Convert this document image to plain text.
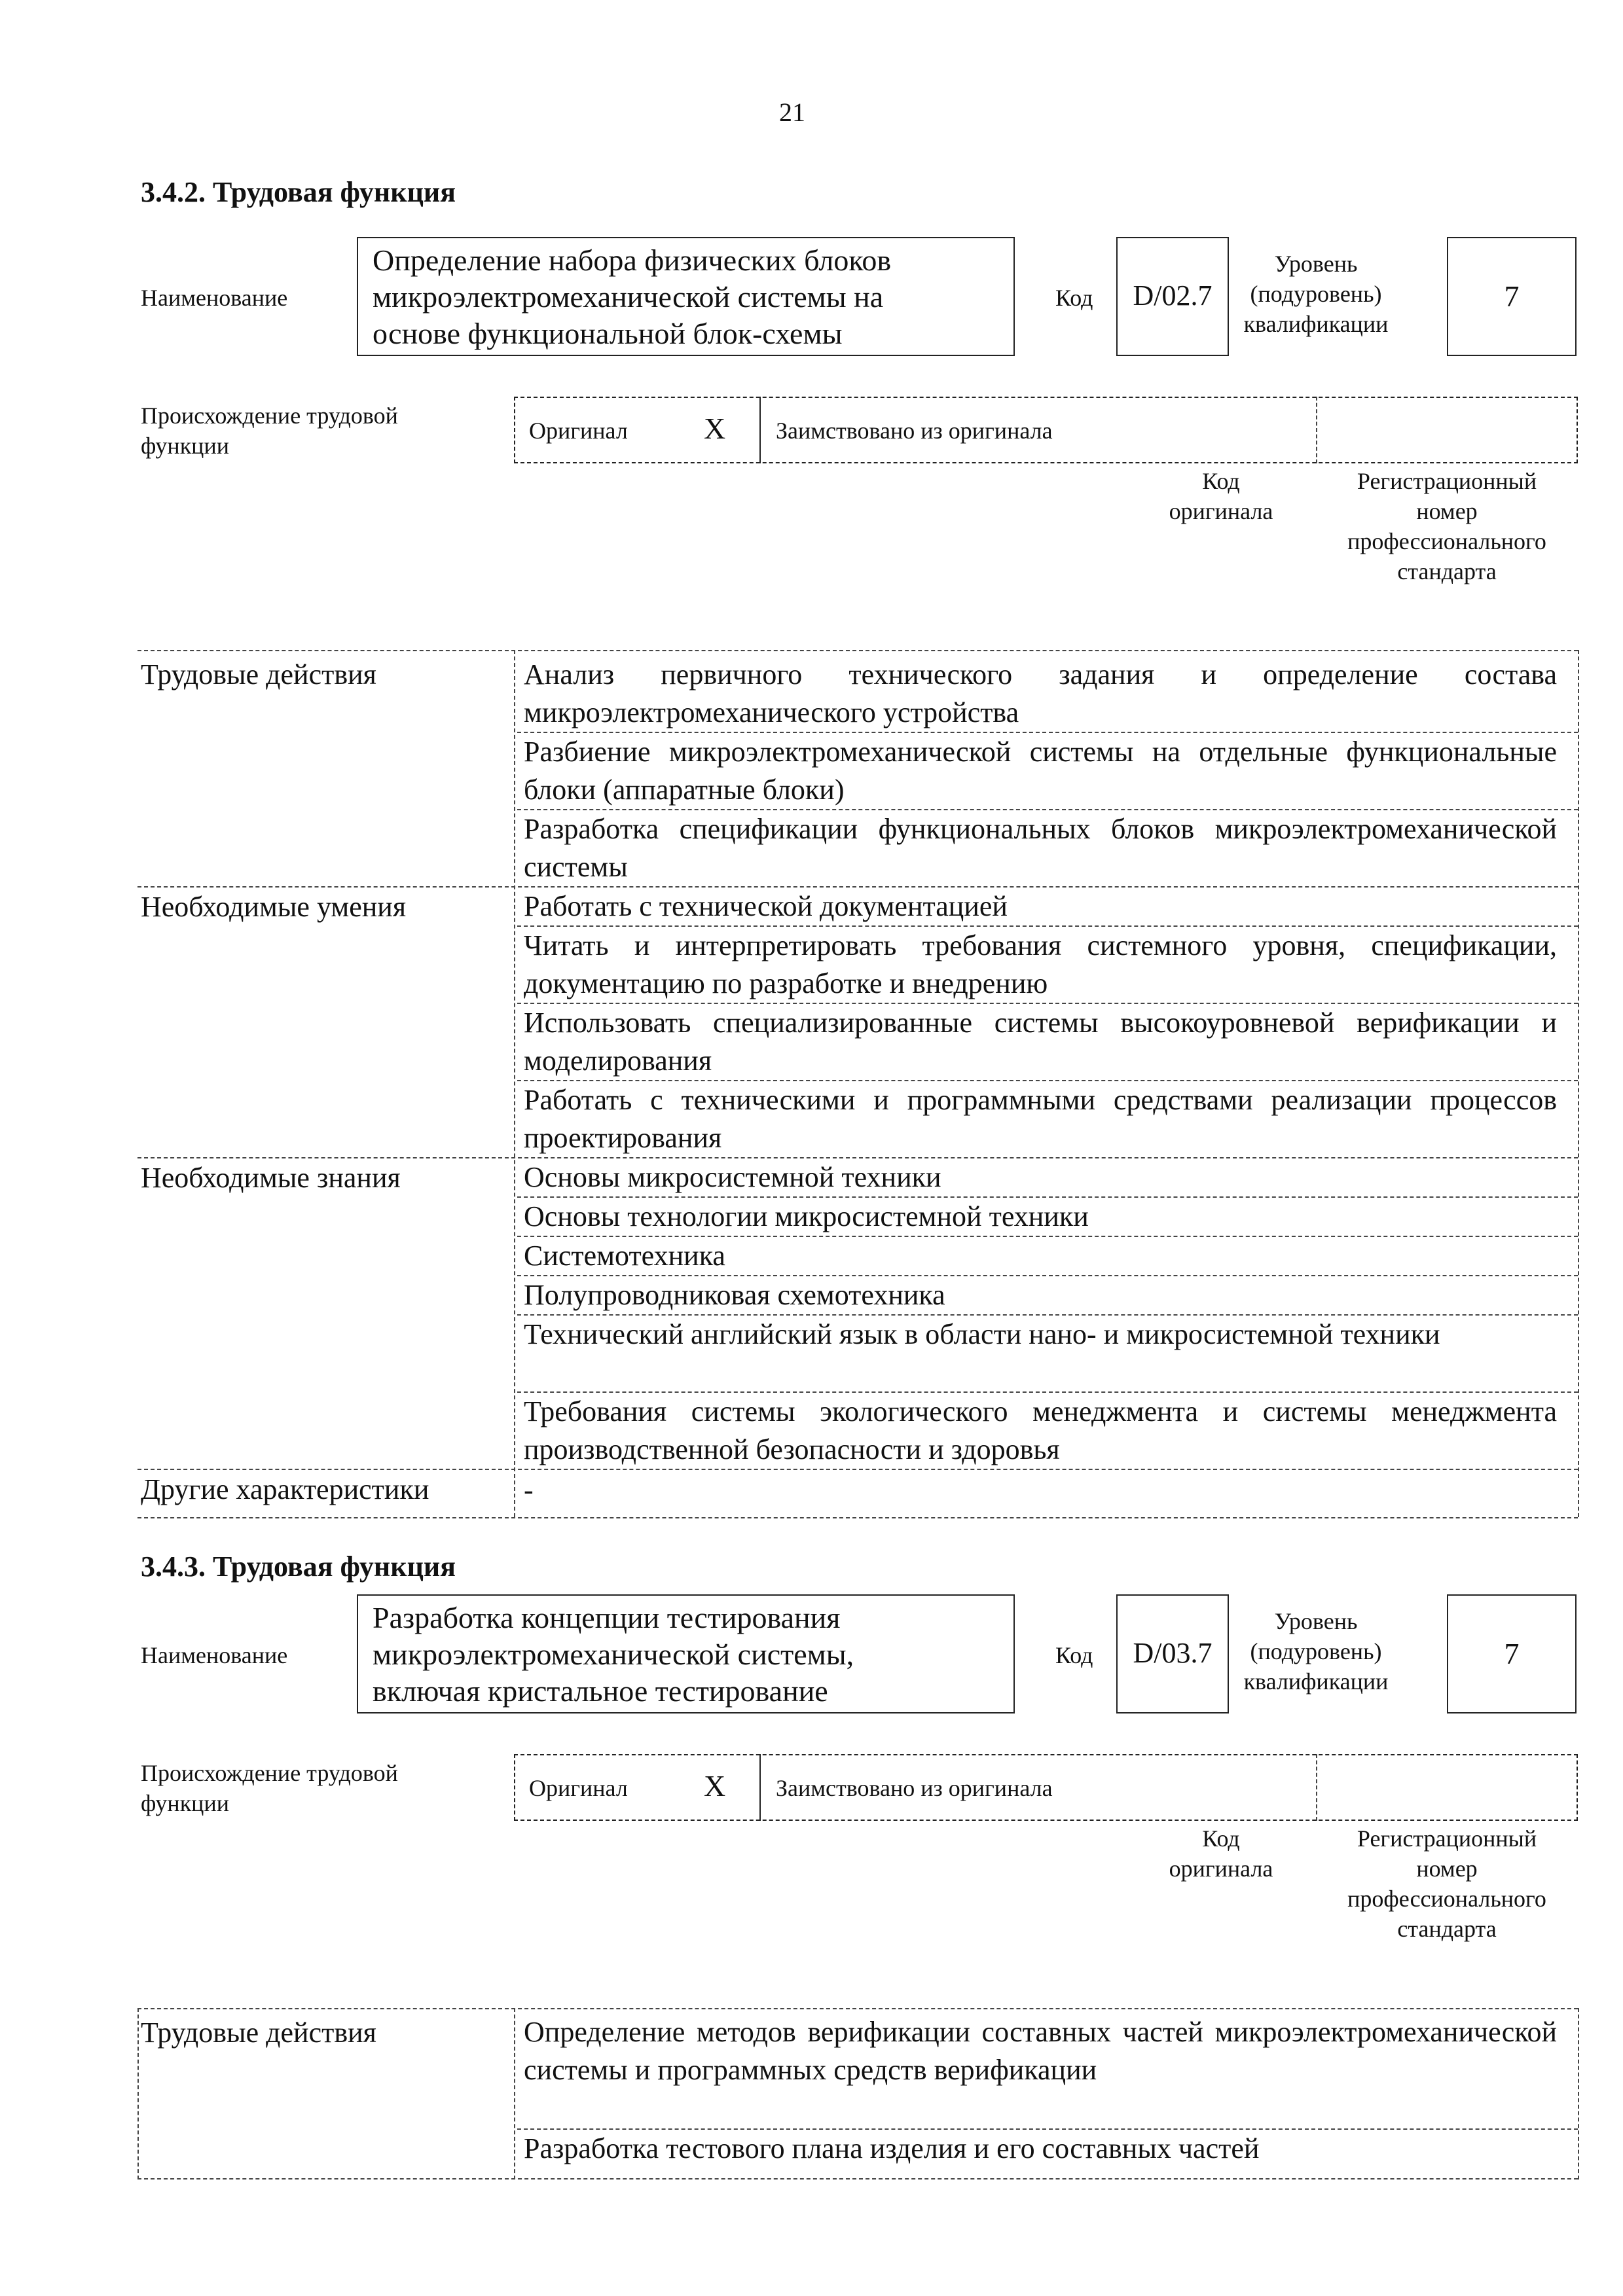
21
3.4.2. Трудовая функция
Наименование
Определение набора физических блоков
микроэлектромеханической системы на
основе функциональной блок-схемы
Код	D/02.7
Уровень
(подуровень)
квалификации
7
Происхождение трудовой
функции
Оригинал	X Заимствовано из оригинала
Код
оригинала
Регистрационный
номер
профессионального
стандарта
Трудовые действия	Анализ первичного технического задания и определение состава микроэлектромеханического устройства
Разбиение микроэлектромеханической системы на отдельные функциональные блоки (аппаратные блоки)
Разработка спецификации функциональных блоков микроэлектромеханической системы
Необходимые умения	Работать с технической документацией
Читать и интерпретировать требования системного уровня, спецификации, документацию по разработке и внедрению
Использовать специализированные системы высокоуровневой верификации и моделирования
Работать с техническими и программными средствами реализации процессов проектирования
Необходимые знания	Основы микросистемной техники
Основы технологии микросистемной техники
Системотехника
Полупроводниковая схемотехника
Технический английский язык в области нано- и микросистемной техники
Требования системы экологического менеджмента и системы менеджмента производственной безопасности и здоровья
Другие характеристики	-
3.4.3. Трудовая функция
Наименование
Разработка концепции тестирования
микроэлектромеханической системы,
включая кристальное тестирование
Код	D/03.7
Уровень
(подуровень)
квалификации
7
Происхождение трудовой
функции
Оригинал	X Заимствовано из оригинала
Код
оригинала
Регистрационный
номер
профессионального
стандарта
Трудовые действия	Определение методов верификации составных частей микроэлектромеханической системы и программных средств верификации
Разработка тестового плана изделия и его составных частей
